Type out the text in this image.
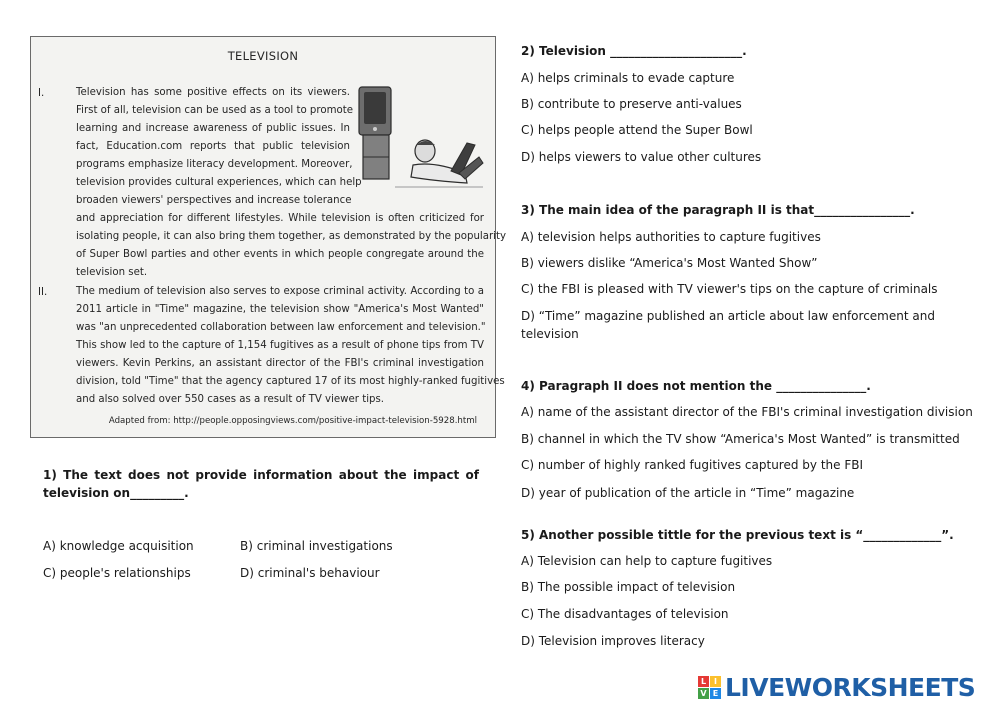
TELEVISION
I.	Television has some positive effects on its viewers.
First of all, television can be used as a tool to promote
learning and increase awareness of public issues. In
fact, Education.com reports that public television
programs emphasize literacy development. Moreover,
television provides cultural experiences, which can help
broaden viewers' perspectives and increase tolerance
and appreciation for different lifestyles. While television is often criticized for
isolating people, it can also bring them together, as demonstrated by the popularity
of Super Bowl parties and other events in which people congregate around the
television set.
II.	The medium of television also serves to expose criminal activity. According to a
2011 article in "Time" magazine, the television show "America's Most Wanted"
was "an unprecedented collaboration between law enforcement and television."
This show led to the capture of 1,154 fugitives as a result of phone tips from TV
viewers. Kevin Perkins, an assistant director of the FBI's criminal investigation
division, told "Time" that the agency captured 17 of its most highly-ranked fugitives
and also solved over 550 cases as a result of TV viewer tips.
Adapted from: http://people.opposingviews.com/positive-impact-television-5928.html
1) The text does not provide information about the impact of
television on_________.
A) knowledge acquisition	B) criminal investigations
C) people's relationships	D) criminal's behaviour
2) Television ______________________.
A) helps criminals to evade capture
B) contribute to preserve anti-values
C) helps people attend the Super Bowl
D) helps viewers to value other cultures
3) The main idea of the paragraph II is that________________.
A) television helps authorities to capture fugitives
B) viewers dislike “America's Most Wanted Show”
C) the FBI is pleased with TV viewer's tips on the capture of criminals
D) “Time” magazine published an article about law enforcement and
television
4) Paragraph II does not mention the _______________.
A) name of the assistant director of the FBI's criminal investigation division
B) channel in which the TV show “America's Most Wanted” is transmitted
C) number of highly ranked fugitives captured by the FBI
D) year of publication of the article in “Time” magazine
5) Another possible tittle for the previous text is “_____________”.
A) Television can help to capture fugitives
B) The possible impact of television
C) The disadvantages of television
D) Television improves literacy
L I
V E LIVEWORKSHEETS
